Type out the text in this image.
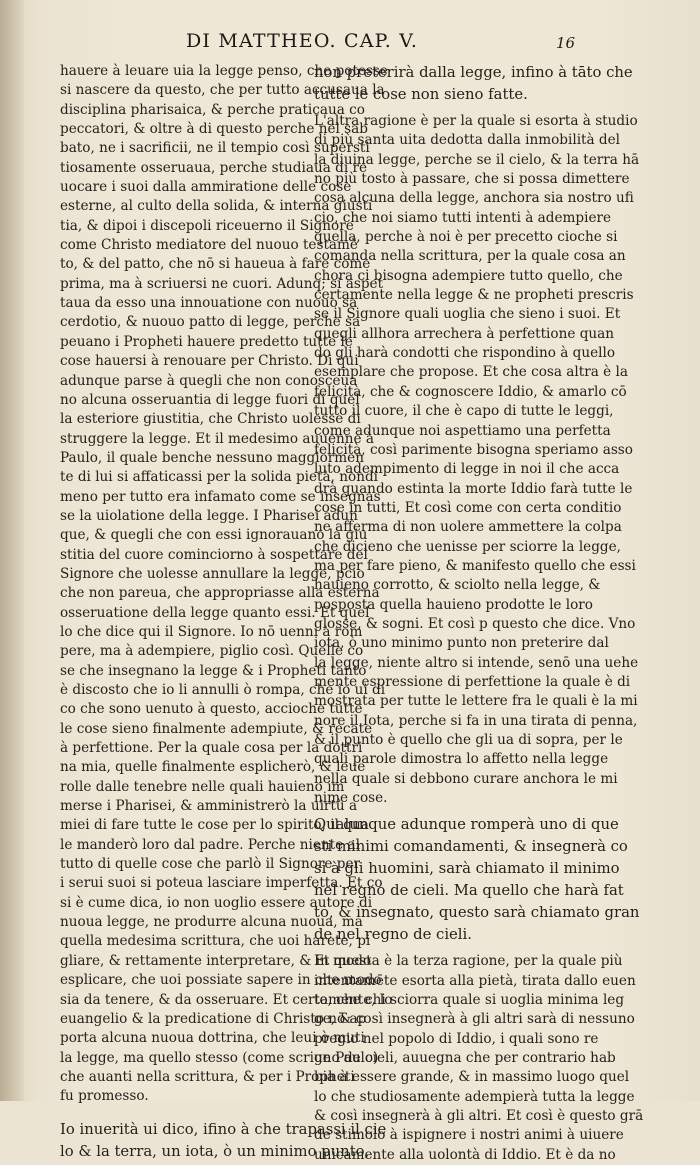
DI MATTHEO. CAP. V.	16
hauere à leuare uia la legge penso, che potesse
si nascere da questo, che per tutto accusaua la
disciplina pharisaica, & perche praticaua co
peccatori, & oltre à di questo perche nel sab
bato, ne i sacrificii, ne il tempio così supersti
tiosamente osseruaua, perche studiaua di re
uocare i suoi dalla ammiratione delle cose
esterne, al culto della solida, & interna giusti
tia, & dipoi i discepoli riceuerno il Signore
come Christo mediatore del nuouo testamē
to, & del patto, che nō si haueua à fare come
prima, ma à scriuersi ne cuori. Adunq; si aspet
taua da esso una innouatione con nuouo sa
cerdotio, & nuouo patto di legge, perche sa
peuano i Propheti hauere predetto tutte le
cose hauersi à renouare per Christo. Di qui
adunque parse à quegli che non conosceua
no alcuna osseruantia di legge fuori di quel
la esteriore giustitia, che Christo uolesse di
struggere la legge. Et il medesimo auuenne à
Paulo, il quale benche nessuno maggiormen
te di lui si affaticassi per la solida pietà, nondi
meno per tutto era infamato come se insegnas
se la uiolatione della legge. I Pharisei adun
que, & quegli che con essi ignorauano la giu
stitia del cuore cominciorno à sospettare del
Signore che uolesse annullare la legge, pcio
che non pareua, che appropriasse alla esterna
osseruatione della legge quanto essi. Et quel
lo che dice qui il Signore. Io nō uenni à rom
pere, ma à adempiere, piglio così. Quelle co
se che insegnano la legge & i Propheti tanto
è discosto che io li annulli ò rompa, che io ui di
co che sono uenuto à questo, accioche tutte
le cose sieno finalmente adempiute, & recate
à perfettione. Per la quale cosa per la dottri
na mia, quelle finalmente esplicherò, & leue
rolle dalle tenebre nelle quali hauieno im
merse i Pharisei, & amministrerò la uirtù a
miei di fare tutte le cose per lo spirito, il qua
le manderò loro dal padre. Perche niente al
tutto di quelle cose che parlò il Signore per
i serui suoi si poteua lasciare imperfetta. Et co
si è cume dica, io non uoglio essere autore di
nuoua legge, ne produrre alcuna nuoua, ma
quella medesima scrittura, che uoi harete, pi
gliare, & rettamente interpretare, & in modo
esplicare, che uoi possiate sapere in che modo
sia da tenere, & da osseruare. Et certamente, lo
euangelio & la predicatione di Christo nō ap
porta alcuna nuoua dottrina, che leui ò muti
la legge, ma quello stesso (come scriue Paulo)
che auanti nella scrittura, & per i Propheti
fu promesso.
Io inuerità ui dico, ifino à che trapassi il cie
lo & la terra, un iota, ò un minimo punto,
non preterirà dalla legge, infino à tāto che
tutte le cose non sieno fatte.
L'altra ragione è per la quale si esorta à studio
di più santa uita dedotta dalla inmobilità del
la diuina legge, perche se il cielo, & la terra hā
no più tosto à passare, che si possa dimettere
cosa alcuna della legge, anchora sia nostro ufi
cio, che noi siamo tutti intenti à adempiere
quella, perche à noi è per precetto cioche si
comanda nella scrittura, per la quale cosa an
chora ci bisogna adempiere tutto quello, che
certamente nella legge & ne propheti prescris
se il Signore quali uoglia che sieno i suoi. Et
quegli allhora arrechera à perfettione quan
do gli harà condotti che rispondino à quello
esemplare che propose. Et che cosa altra è la
felicità, che & cognoscere Iddio, & amarlo cō
tutto il cuore, il che è capo di tutte le leggi,
come adunque noi aspettiamo una perfetta
felicità, così parimente bisogna speriamo asso
luto adempimento di legge in noi il che acca
drà quando estinta la morte Iddio farà tutte le
cose in tutti, Et così come con certa conditio
ne afferma di non uolere ammettere la colpa
che dicieno che uenisse per sciorre la legge,
ma per fare pieno, & manifesto quello che essi
hauieno corrotto, & sciolto nella legge, &
posposta quella hauieno prodotte le loro
glosse, & sogni. Et così p questo che dice. Vno
iota, ò uno minimo punto non preterire dal
la legge, niente altro si intende, senō una uehe
mente espressione di perfettione la quale è di
mostrata per tutte le lettere fra le quali è la mi
nore il Iota, perche si fa in una tirata di penna,
& il punto è quello che gli ua di sopra, per le
quali parole dimostra lo affetto nella legge
nella quale si debbono curare anchora le mi
nime cose.
Qualunque adunque romperà uno di que
sti minimi comandamenti, & insegnerà co
si à gli huomini, sarà chiamato il minimo
nel regno de cieli. Ma quello che harà fat
to, & insegnato, questo sarà chiamato gran
de nel regno de cieli.
Et questa è la terza ragione, per la quale più
intentamēte esorta alla pietà, tirata dallo euen
to, che chi sciorra quale si uoglia minima leg
ge, & così insegnerà à gli altri sarà di nessuno
pregio nel popolo di Iddio, i quali sono re
gno de cieli, auuegna che per contrario hab
bia à essere grande, & in massimo luogo quel
lo che studiosamente adempierà tutta la legge
& così insegnerà à gli altri. Et così è questo grā
de stimolo à ispignere i nostri animi à uiuere
unicamente alla uolontà di Iddio. Et è da no
